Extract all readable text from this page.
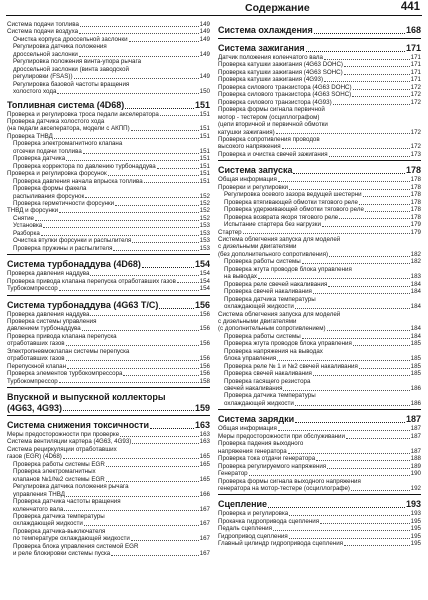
Содержание	441
Система подачи топлива	149
Система подачи воздуха	149
Очистка корпуса дроссельной заслонки	149
Регулировка датчика положения
дроссельной заслонки	149
Регулировка положения винта-упора рычага
дроссельной заслонки (винта заводской
регулировки (FSAS))	149
Регулировка базовой частоты вращения
холостого хода	150
Топливная система (4D68)	151
Проверка и регулировка троса педали акселератора	151
Проверка датчика холостого хода
(на педали акселератора, модели с АКПП)	151
Проверка ТНВД	151
Проверка электромагнитного клапана
отсечки подачи топлива	151
Проверка датчика	151
Проверка корректора по давлению турбонаддува	151
Проверка и регулировка форсунок	151
Проверка давления начала впрыска топлива	151
Проверка формы факела
распыливания форсунок	152
Проверка герметичности форсунки	152
ТНВД и форсунки	152
Снятие	152
Установка	153
Разборка	153
Очистка втулки форсунки и распылителя	153
Проверка пружины и распылителя	153
Система турбонаддува (4D68)	154
Проверка давления наддува	154
Проверка привода клапана перепуска отработавших газов	154
Турбокомпрессор	154
Система турбонаддува (4G63 T/C)	156
Проверка давления наддува	156
Проверка системы управления
давлением турбонаддува	156
Проверка привода клапана перепуска
отработавших газов	156
Электропневмоклапан системы перепуска
отработавших газов	156
Перепускной клапан	156
Проверка элементов турбокомпрессора	156
Турбокомпрессор	158
Впускной и выпускной коллекторы
(4G63, 4G93)	159
Система снижения токсичности	163
Меры предосторожности при проверке	163
Система вентиляции картера (4G63, 4G93)	163
Система рециркуляции отработавших
газов (EGR) (4D68)	165
Проверка работы системы EGR	165
Проверка электромагнитных
клапанов №1/№2 системы EGR	165
Регулировка датчика положения рычага
управления ТНВД	166
Проверка датчика частоты вращения
коленчатого вала	167
Проверка датчика температуры
охлаждающей жидкости	167
Проверка датчика-выключателя
по температуре охлаждающей жидкости	167
Проверка блока управления системой EGR
и реле блокировки системы пуска	167
Система охлаждения	168
Система зажигания	171
Датчик положения коленчатого вала	171
Проверка катушки зажигания (4G63 DOHC)	171
Проверка катушки зажигания (4G63 SOHC)	171
Проверка катушки зажигания (4G93)	171
Проверка силового транзистора (4G63 DOHC)	172
Проверка силового транзистора (4G63 SOHC)	172
Проверка силового транзистора (4G93)	172
Проверка формы сигнала первичной
мотор - тестером (осциллографом)
(цепи вторичной и первичной обмотки
катушки зажигания)	172
Проверка сопротивления проводов
высокого напряжения	172
Проверка и очистка свечей зажигания	173
Система запуска	178
Общая информация	178
Проверки и регулировки	178
Регулировка осевого зазора ведущей шестерни	178
Проверка втягивающей обмотки тягового реле	178
Проверка удерживающей обмотки тягового реле	178
Проверка возврата якоря тягового реле	178
Испытание стартера без нагрузки	179
Стартер	179
Система облегчения запуска для моделей
с дизельными двигателями
(без дополнительного сопротивления)	182
Проверка работы системы	182
Проверка жгута проводов блока управления
на выводах	183
Проверка реле свечей накаливания	184
Проверка свечей накаливания	184
Проверка датчика температуры
охлаждающей жидкости	184
Система облегчения запуска для моделей
с дизельными двигателями
(с дополнительным сопротивлением)	184
Проверка работы системы	184
Проверка жгута проводов блока управления	185
Проверка напряжения на выводах
блока управления	185
Проверка реле № 1 и №2 свечей накаливания	185
Проверка свечей накаливания	185
Проверка гасящего резистора
свечей накаливания	186
Проверка датчика температуры
охлаждающей жидкости	186
Система зарядки	187
Общая информация	187
Меры предосторожности при обслуживании	187
Проверка падения выходного
напряжения генератора	187
Проверка тока отдачи генератора	188
Проверка регулируемого напряжения	189
Генератор	190
Проверка формы сигнала выходного напряжения
генератора на мотор-тестере (осциллографе)	192
Сцепление	193
Проверка и регулировка	193
Прокачка гидропривода сцепления	195
Педаль сцепления	195
Гидропривод сцепления	195
Главный цилиндр гидропривода сцепления	195
